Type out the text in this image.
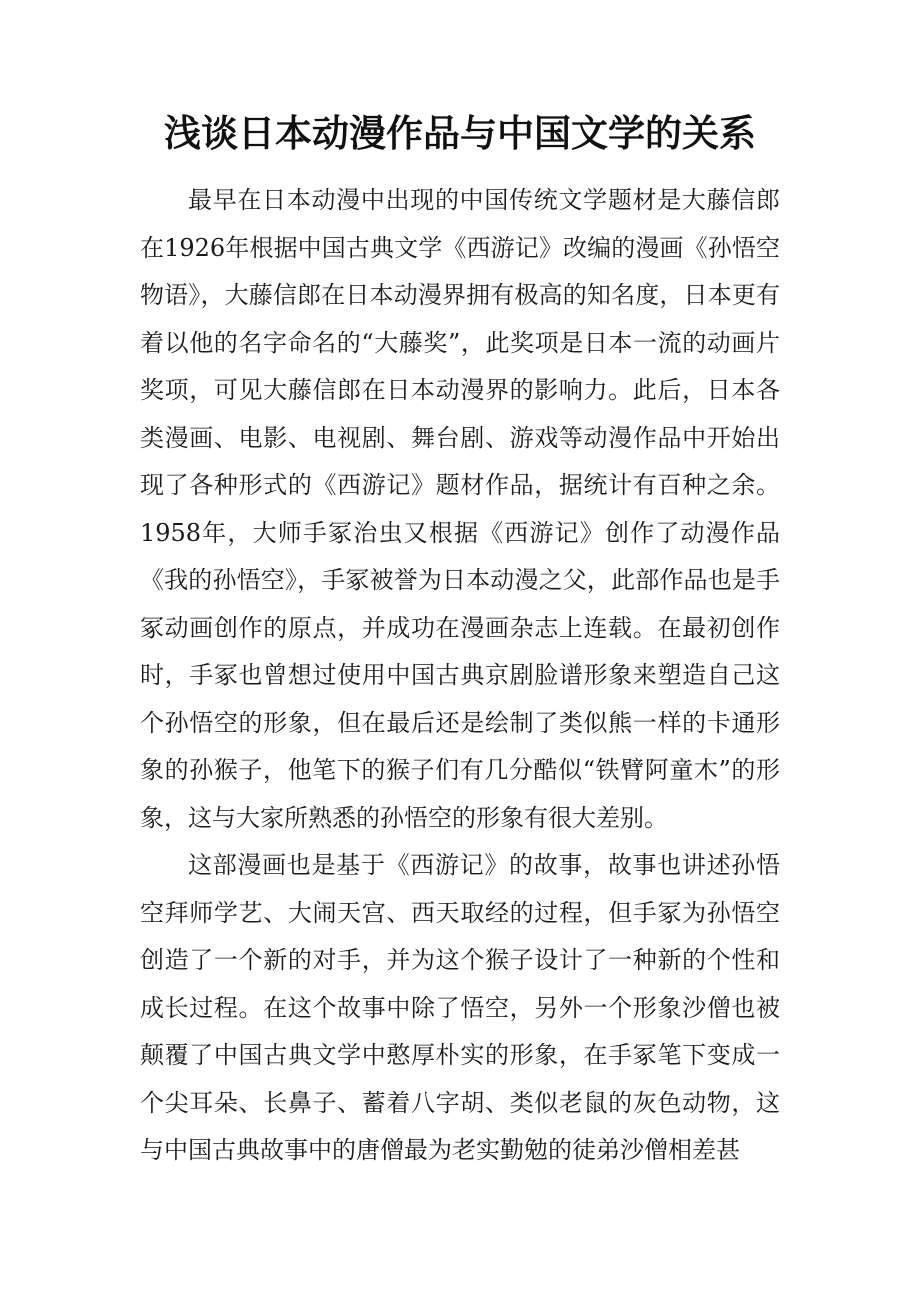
浅谈日本动漫作品与中国文学的关系

最早在日本动漫中出现的中国传统文学题材是大藤信郎在1926年根据中国古典文学《西游记》改编的漫画《孙悟空物语》，大藤信郎在日本动漫界拥有极高的知名度，日本更有着以他的名字命名的“大藤奖”，此奖项是日本一流的动画片奖项，可见大藤信郎在日本动漫界的影响力。此后，日本各类漫画、电影、电视剧、舞台剧、游戏等动漫作品中开始出现了各种形式的《西游记》题材作品，据统计有百种之余。1958年，大师手冢治虫又根据《西游记》创作了动漫作品《我的孙悟空》，手冢被誉为日本动漫之父，此部作品也是手冢动画创作的原点，并成功在漫画杂志上连载。在最初创作时，手冢也曾想过使用中国古典京剧脸谱形象来塑造自己这个孙悟空的形象，但在最后还是绘制了类似熊一样的卡通形象的孙猴子，他笔下的猴子们有几分酷似“铁臂阿童木”的形象，这与大家所熟悉的孙悟空的形象有很大差别。

这部漫画也是基于《西游记》的故事，故事也讲述孙悟空拜师学艺、大闹天宫、西天取经的过程，但手冢为孙悟空创造了一个新的对手，并为这个猴子设计了一种新的个性和成长过程。在这个故事中除了悟空，另外一个形象沙僧也被颠覆了中国古典文学中憨厚朴实的形象，在手冢笔下变成一个尖耳朵、长鼻子、蓄着八字胡、类似老鼠的灰色动物，这与中国古典故事中的唐僧最为老实勤勉的徒弟沙僧相差甚
